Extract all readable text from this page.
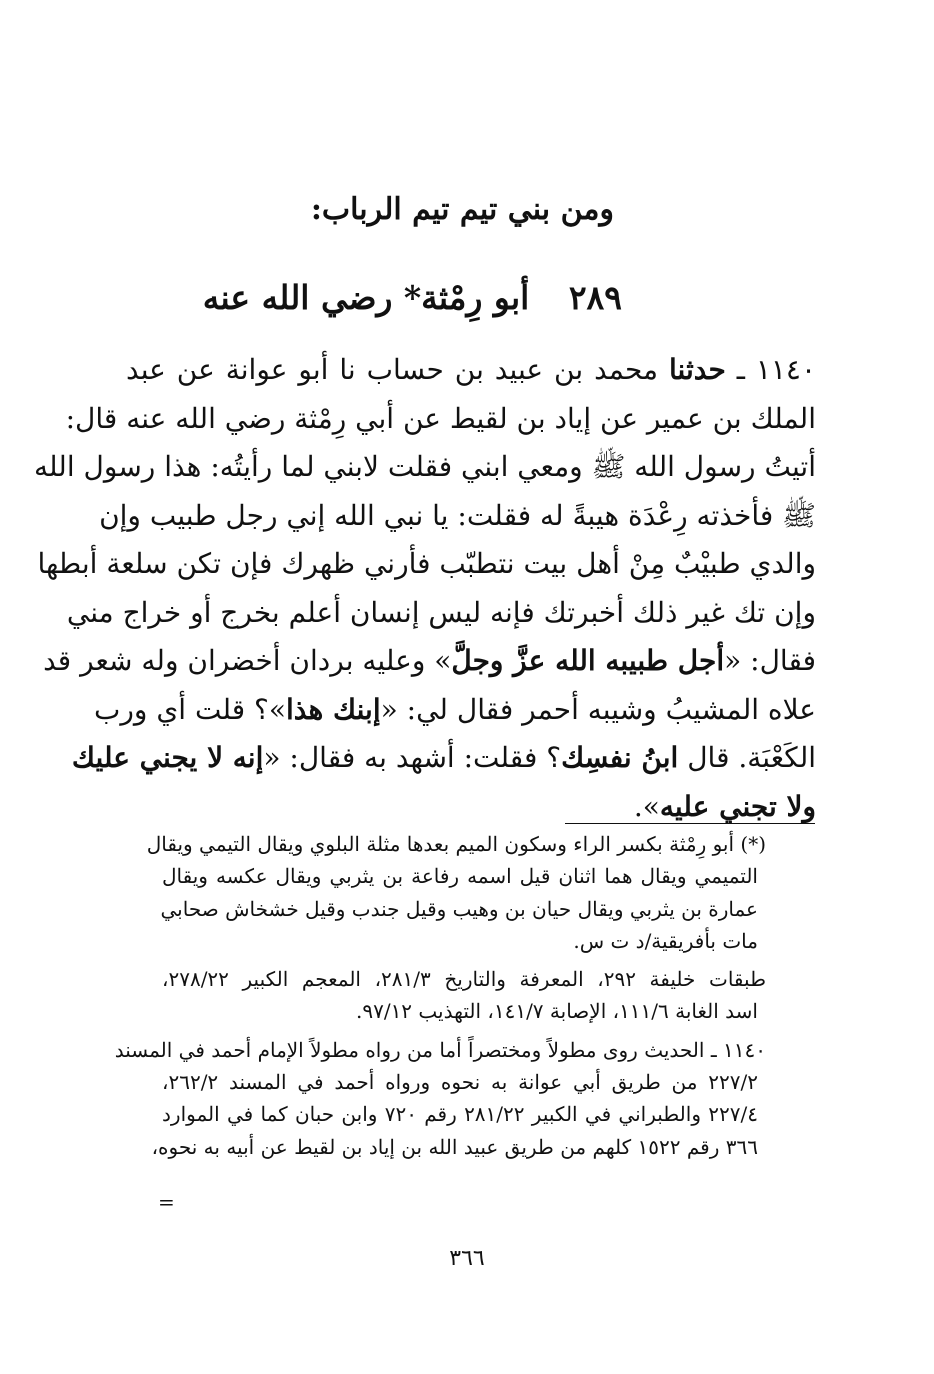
ومن بني تيم تيم الرباب:
٢٨٩ أبو رِمْثة* رضي الله عنه
١١٤٠ ـ حدثنا محمد بن عبيد بن حساب نا أبو عوانة عن عبد
الملك بن عمير عن إياد بن لقيط عن أبي رِمْثة رضي الله عنه قال:
أتيتُ رسول الله ﷺ ومعي ابني فقلت لابني لما رأيتُه: هذا رسول الله
ﷺ فأخذته رِعْدَة هيبةً له فقلت: يا نبي الله إني رجل طبيب وإن
والدي طبيْبٌ مِنْ أهل بيت نتطبّب فأرني ظهرك فإن تكن سلعة أبطها
وإن تك غير ذلك أخبرتك فإنه ليس إنسان أعلم بخرج أو خراج مني
فقال: «أجل طبيبه الله عزَّ وجلَّ» وعليه بردان أخضران وله شعر قد
علاه المشيبُ وشيبه أحمر فقال لي: «إبنك هذا»؟ قلت أي ورب
الكَعْبَة. قال ابنُ نفسِك؟ فقلت: أشهد به فقال: «إنه لا يجني عليك
ولا تجني عليه».
(*) أبو رِمْثة بكسر الراء وسكون الميم بعدها مثلة البلوي ويقال التيمي ويقال
التميمي ويقال هما اثنان قيل اسمه رفاعة بن يثربي ويقال عكسه ويقال
عمارة بن يثربي ويقال حيان بن وهيب وقيل جندب وقيل خشخاش صحابي
مات بأفريقية/د ت س.
طبقات خليفة ٢٩٢، المعرفة والتاريخ ٢٨١/٣، المعجم الكبير ٢٧٨/٢٢،
اسد الغابة ١١١/٦، الإصابة ١٤١/٧، التهذيب ٩٧/١٢.
١١٤٠ ـ الحديث روى مطولاً ومختصراً أما من رواه مطولاً الإمام أحمد في المسند
٢٢٧/٢ من طريق أبي عوانة به نحوه ورواه أحمد في المسند ٢٦٢/٢،
٢٢٧/٤ والطبراني في الكبير ٢٨١/٢٢ رقم ٧٢٠ وابن حبان كما في الموارد
٣٦٦ رقم ١٥٢٢ كلهم من طريق عبيد الله بن إياد بن لقيط عن أبيه به نحوه،
=
٣٦٦
